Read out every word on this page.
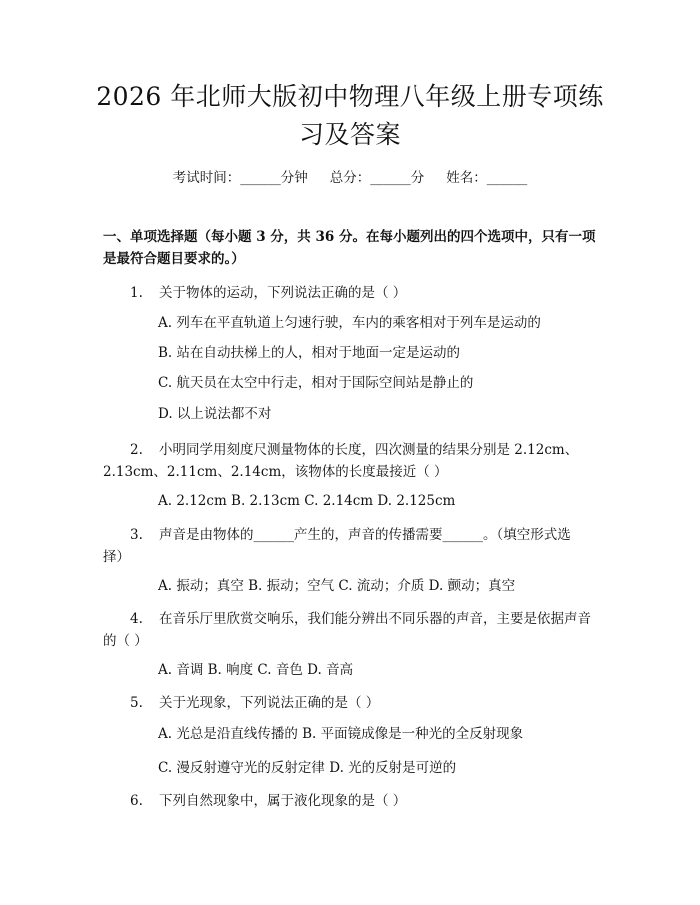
2026 年北师大版初中物理八年级上册专项练
习及答案
考试时间：______分钟 总分：______分 姓名：______
一、单项选择题（每小题 3 分，共 36 分。在每小题列出的四个选项中，只有一项
是最符合题目要求的。）
1. 关于物体的运动，下列说法正确的是（ ）
A. 列车在平直轨道上匀速行驶，车内的乘客相对于列车是运动的
B. 站在自动扶梯上的人，相对于地面一定是运动的
C. 航天员在太空中行走，相对于国际空间站是静止的
D. 以上说法都不对
2. 小明同学用刻度尺测量物体的长度，四次测量的结果分别是 2.12cm、
2.13cm、2.11cm、2.14cm，该物体的长度最接近（ ）
A. 2.12cm B. 2.13cm C. 2.14cm D. 2.125cm
3. 声音是由物体的______产生的，声音的传播需要______。（填空形式选
择）
A. 振动；真空 B. 振动；空气 C. 流动；介质 D. 颤动；真空
4. 在音乐厅里欣赏交响乐，我们能分辨出不同乐器的声音，主要是依据声音
的（ ）
A. 音调 B. 响度 C. 音色 D. 音高
5. 关于光现象，下列说法正确的是（ ）
A. 光总是沿直线传播的 B. 平面镜成像是一种光的全反射现象
C. 漫反射遵守光的反射定律 D. 光的反射是可逆的
6. 下列自然现象中，属于液化现象的是（ ）
